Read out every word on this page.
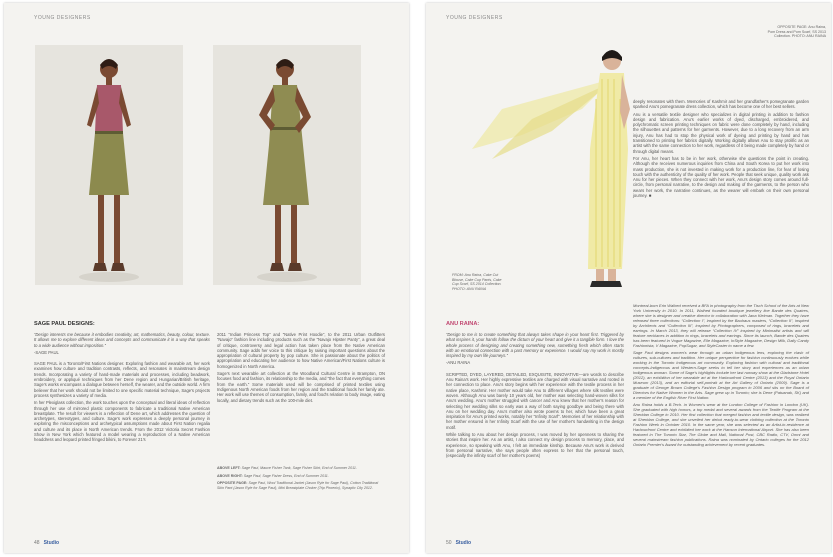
YOUNG DESIGNERS
SAGE PAUL DESIGNS:

“Design interests me because it embodies creativity, art, mathematics, beauty, colour, texture. It allows me to explore different ideas and concepts and communicate it in a way that speaks to a wide audience without imposition.”

-SAGE PAUL

SAGE PAUL is a Toronto/First Nations designer. Exploring fashion and wearable art, her work examines how culture and tradition contrasts, reflects, and resonates in mainstream design trends. Incorporating a variety of hand-made materials and processes, including beadwork, embroidery, or appliqué techniques from her Dene region and Hungarian/British heritage, Sage's works encompass a dialogue between herself, the wearer, and the outside world. A firm believer that her work should not be limited to one specific material technique, Sage's projects process synthesizes a variety of media.

In her Plexiglass collection, the work touches upon the conceptual and literal ideas of reflection through her use of mirrored plastic components to fabricate a traditional Native American breastplate. The result for viewers is a reflection of Dene art, which addresses the question of archetypes, stereotypes, and culture. Sage's work expresses a deeply personal journey in exploring the misconceptions and archetypical assumptions made about First Nation regalia and culture and its place in North American trends. From the 2012 Victoria Secret Fashion Show in New York which featured a model wearing a reproduction of a Native American headdress and leopard printed fringed bikini, to Forever 21's

2011 “Indian Princess Top” and “Native Print Hoodie”, to the 2011 Urban Outfitters “Navajo” fashion line including products such as the “Navajo Hipster Panty”, a great deal of critique, controversy and legal action has taken place from the Native American community. Sage adds her voice to this critique by raising important questions about the appropriation of cultural property by pop culture. She is passionate about the politics of appropriation and educating her audience to how Native American/First Nations culture is homogenized in North America.

Sage's next wearable art collection at the Woodland Cultural Centre in Brampton, ON focuses food and fashion, its relationship to the media, and “the fact that everything comes from the earth.” Some materials used will be comprised of printed textiles using Indigenous North American foods from her region and the traditional foods her family ate. Her work will use themes of consumption, family, and food's relation to body image, eating locally, and dietary trends such as the 100-mile diet.

ABOVE LEFT: Sage Paul, Mauve Fisher Tank, Sage Fisher Skirt, End of Summer 2011.
ABOVE RIGHT: Sage Paul, Sage Fisher Dress, End of Summer 2011.
OPPOSITE PAGE: Sage Paul, Wool Traditional Jacket (Jason Ryle for Sage Paul), Cotton Traditional Skin Pant (Jason Ryle for Sage Paul), Mini Breastplate Choker (Trip Phoenix), Synaptic City 2012.
48 Studio
YOUNG DESIGNERS
OPPOSITE PAGE: Anu Raina,
Pom Dress and Pom Scarf, SS 2013
Collection. PHOTO: ANU RAINA
FROM: Anu Raina, Cake Cut
Blouse, Cake Cup Pants, Cake
Cup Scarf, SS 2014 Collection.
PHOTO: ANU RAINA

deeply resonates with them. Memories of Kashmir and her grandfather's pomegranate garden sparked Anu's pomegranate dress collection, which has become one of her best sellers.

Anu is a versatile textile designer who specializes in digital printing in addition to fashion design and fabrication. Anu's earlier works of dyed, discharged, embroidered, and polychromatic screen printing techniques on fabric were done completely by hand, including the silhouettes and patterns for her garments. However, due to a long recovery from an arm injury, Anu has had to stop the physical work of dyeing and printing by hand and has transitioned to printing her fabrics digitally. Working digitally allows Anu to stay prolific as an artist with the same connection to her work, regardless of it being made completely by hand or through digital means.

For Anu, her heart has to be in her work, otherwise she questions the point in creating. Although she receives numerous inquiries from China and South Korea to put her work into mass production, she is not invested in making work for a production line, for fear of losing touch with the authenticity of the quality of her work. People that seek unique, quality work ask Anu for her pieces. When they connect with her work, Anu's design story comes around full-circle, from personal narrative, to the design and making of the garments, to the person who wears her work, the narrative continues, as the wearer will embark on their own personal journey. ■

ANU RAINA:

“Design to me is to create something that always takes shape in your heart first. Triggered by what inspires it, your hands follow the dictum of your heart and give it a tangible form. I love the whole process of designing and creating something new, something fresh which often starts with an emotional connection with a past memory or experience. I would say my work is mostly inspired by my own life journeys.”

-ANU RAINA

SCRIPTED, DYED, LAYERED, DETAILED, EXQUISITE, INNOVATIVE—are words to describe Anu Raina's work. Her highly expressive textiles are charged with visual narrative and rooted in her connection to place. Anu's story begins with her experience with the textile process in her native place, Kashmir. Her mother would take Anu to different villages where silk textiles were woven. Although Anu was barely 10 years old, her mother was selecting hand-woven silks for Anu's wedding. Anu's mother struggled with cancer and Anu knew that her mother's reason for selecting her wedding silks so early was a way of both saying goodbye and being there with Anu on her wedding day. Anu's mother also wrote poems to her, which have been a great inspiration for Anu's printed works, notably her “Infinity Scarf”. Memories of her relationship with her mother ensured in her Infinity Scarf with the use of her mother's handwriting in the design motif.

While talking to Anu about her design process, I was moved by her openness to sharing the stories that inspire her. As an artist, I also connect my design process to memory, place, and experience, so speaking with Anu, I felt an immediate kinship. Because Anu's work is derived from personal narrative, she says people often express to her that the personal touch, (especially the infinity scarf of her mother's poems)

Montreal-born Erin Walhed received a BFA in photography from the Tisch School of the Arts at New York University in 2010. In 2011, Walhed founded boutique jewellery line Bande des Quatres, where she is designer and creative director in collaboration with Jana Kielman. Together they have released three collections: “Collection I”, inspired by the Bauhaus masters, “Collection II”, inspired by Architects and “Collection III”, inspired by Photographers, composed of rings, bracelets and earrings. In March 2013, they will release “Collection IV” inspired by Minimalist artists and will feature necklaces in addition to rings, bracelets and earrings. Since its launch, Bande des Quatres has been featured in Vogue Magazine, Elle Magazine, InStyle Magazine, Design Milk, Daily Candy Fashionista, V Magazine, PopSugar, and StyleCaster to name a few.

Sage Paul designs women's wear through an urban Indigenous lens, exploring the clash of cultures, sub-cultures and tradition. Her unique perspective for fashion continuously evolves while working in the Toronto Indigenous art community. Exploring fashion with cultural and traditional concepts-Indigenous and Western-Sage seeks to tell her story and experiences as an urban Indigenous woman. Some of Sage's highlights include her last runway show at the Gladstone Hotel (2012), an exhibition of her wearable art at the Harbourfront Centre (2013) and the Royal Ontario Museum (2013), and an editorial self-portrait at the Art Gallery of Ontario (2009). Sage is a graduate of George Brown College's Fashion Design program in 2006 and sits on the Board of Directors for Native Women in the Arts. Sage grew up in Toronto; she is Dene (Patuanak, SK) and a member of the English River First Nation.

Anu Raina holds a B.Tech. in Women's wear at the London College of Fashion in London (UK). She graduated with high honors, a top medal and several awards from the Textile Program at the Sheridan College in 2010. Her first collection that merged fashion and textile design, was realized at Sheridan College, and she unveiled her debut ready-to-wear clothing collection at the Toronto Fashion Week in October 2010. In the same year, she was selected as an Artist-in-residence at Harbourfront Centre and exhibited her work at the Hanson International Airport. She has also been featured in The Toronto Star, The Globe and Mail, National Post, CBC Radio, CTV, Omni and several mainstream fashion publications. Raina was nominated by Ontario colleges for the 2012 Ontario Premier's Award for outstanding achievement by recent graduates.

50 Studio
